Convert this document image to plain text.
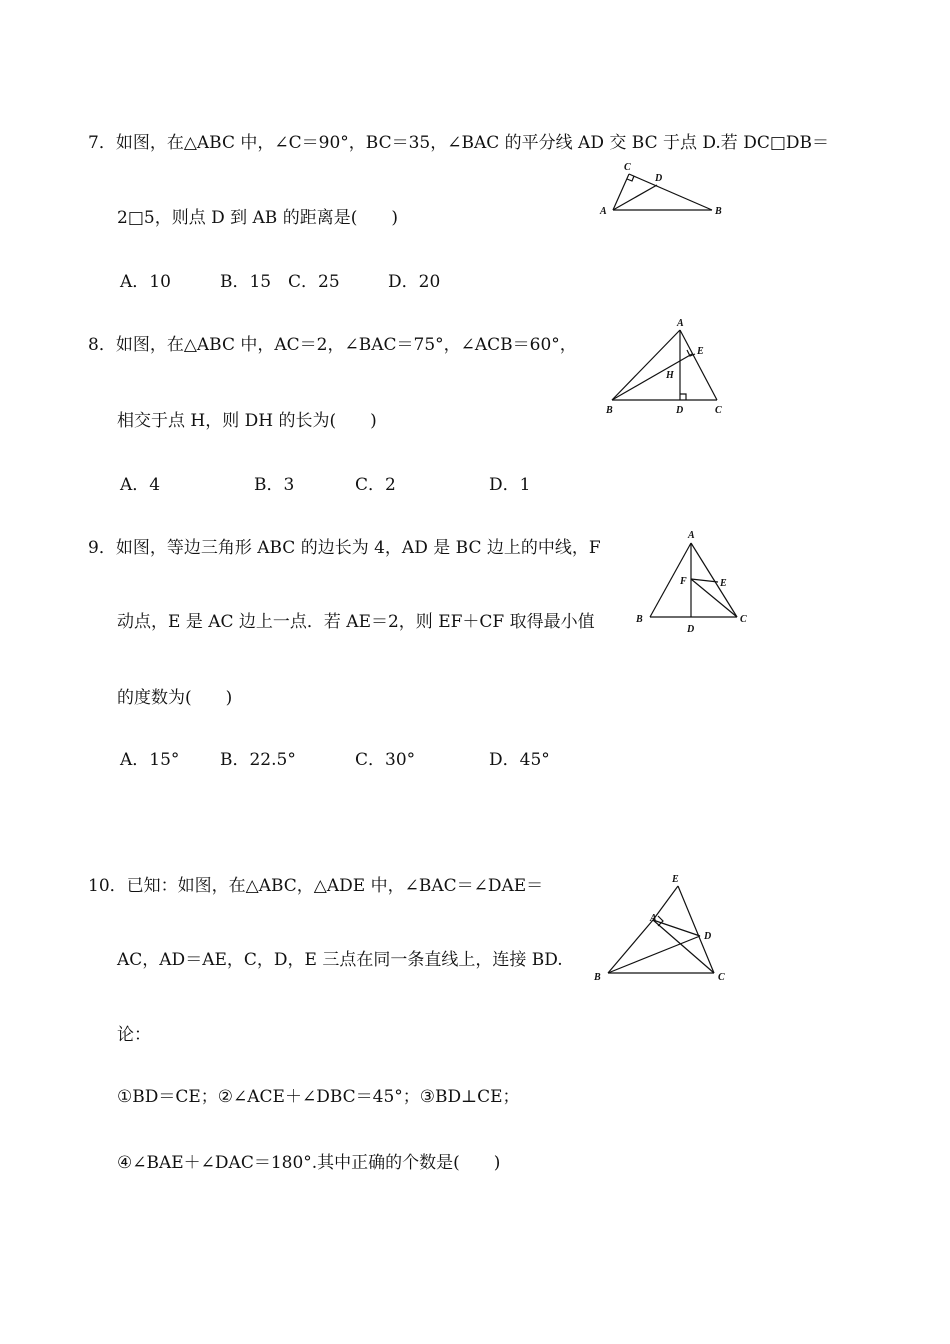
7．如图，在△ABC 中，∠C＝90°，BC＝35，∠BAC 的平分线 AD 交 BC 于点 D.若 DC□DB＝
2□5，则点 D 到 AB 的距离是(　　)
A．10	B．15 C．25	D．20
C
D
A	B
8．如图，在△ABC 中，AC＝2，∠BAC＝75°，∠ACB＝60°，
相交于点 H，则 DH 的长为(　　)
A．4	B．3	C．2	D．1
A
E
H
B	D	C
9．如图，等边三角形 ABC 的边长为 4，AD 是 BC 边上的中线，F
动点，E 是 AC 边上一点．若 AE＝2，则 EF＋CF 取得最小值
的度数为(　　)
A．15° B．22.5°	C．30°	D．45°
A
F	E
B
D
C
10．已知：如图，在△ABC，△ADE 中，∠BAC＝∠DAE＝
AC，AD＝AE，C，D，E 三点在同一条直线上，连接 BD.
论：
①BD＝CE；②∠ACE＋∠DBC＝45°；③BD⊥CE；
④∠BAE＋∠DAC＝180°.其中正确的个数是(　　)
E
A
D
B	C
